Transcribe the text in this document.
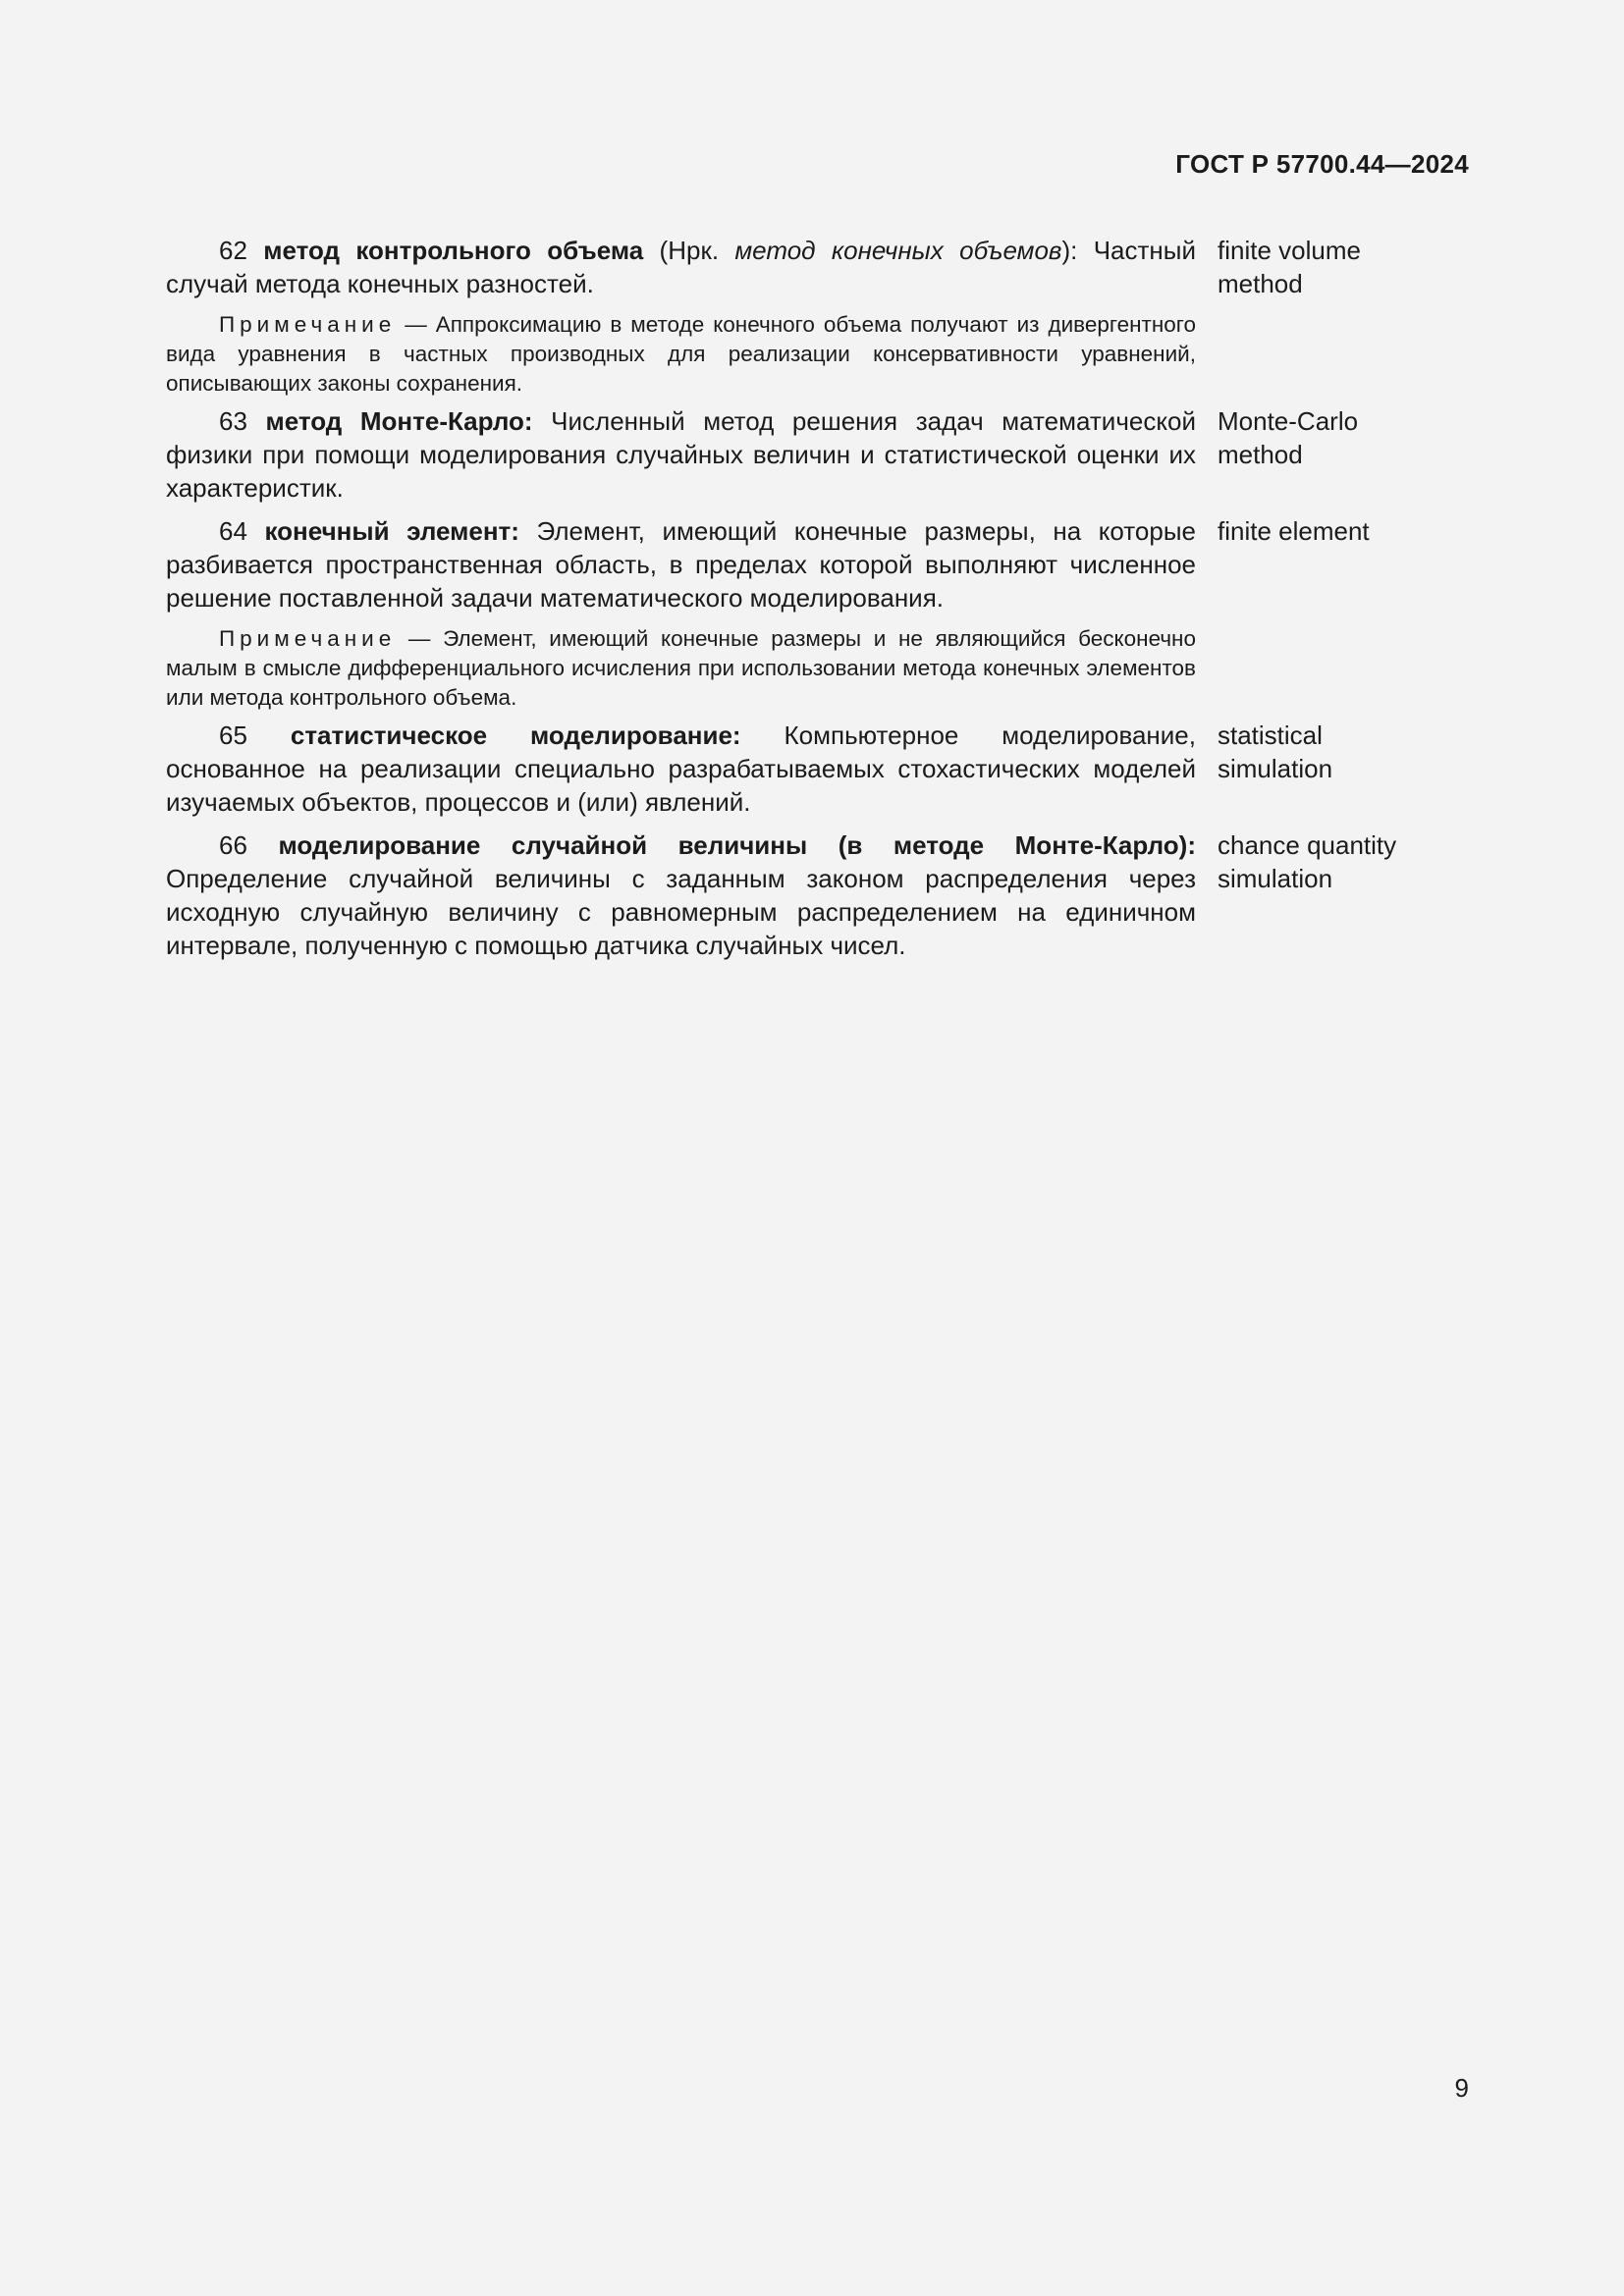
ГОСТ Р 57700.44—2024
62 метод контрольного объема (Нрк. метод конечных объемов): Частный случай метода конечных разностей.
finite volume
method
Примечание — Аппроксимацию в методе конечного объема получают из дивергентного вида уравнения в частных производных для реализации консервативности уравнений, описывающих законы сохранения.
63 метод Монте-Карло: Численный метод решения задач математической физики при помощи моделирования случайных величин и статистической оценки их характеристик.
Monte-Carlo
method
64 конечный элемент: Элемент, имеющий конечные размеры, на которые разбивается пространственная область, в пределах которой выполняют численное решение поставленной задачи математического моделирования.
finite element
Примечание — Элемент, имеющий конечные размеры и не являющийся бесконечно малым в смысле дифференциального исчисления при использовании метода конечных элементов или метода контрольного объема.
65 статистическое моделирование: Компьютерное моделирование, основанное на реализации специально разрабатываемых стохастических моделей изучаемых объектов, процессов и (или) явлений.
statistical
simulation
66 моделирование случайной величины (в методе Монте-Карло): Определение случайной величины с заданным законом распределения через исходную случайную величину с равномерным распределением на единичном интервале, полученную с помощью датчика случайных чисел.
chance quantity
simulation
9
